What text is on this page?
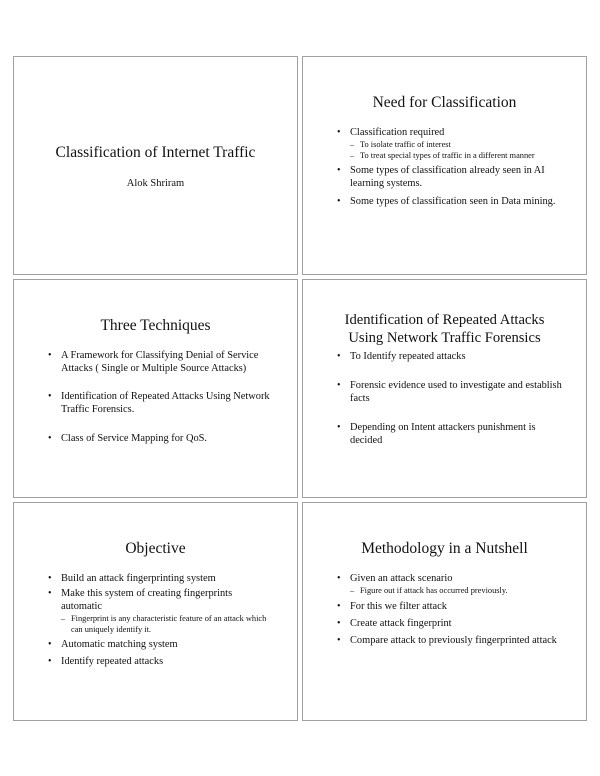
Classification of Internet Traffic
Alok Shriram
Need for Classification
• Classification required
– To isolate traffic of interest
– To treat special types of traffic in a different manner
• Some types of classification already seen in AI learning systems.
• Some types of classification seen in Data mining.
Three Techniques
• A Framework for Classifying Denial of Service Attacks ( Single or Multiple Source Attacks)
• Identification of Repeated Attacks Using Network Traffic Forensics.
• Class of Service Mapping for QoS.
Identification of Repeated Attacks
Using Network Traffic Forensics
• To Identify repeated attacks
• Forensic evidence used to investigate and establish facts
• Depending on Intent attackers punishment is decided
Objective
• Build an attack fingerprinting system
• Make this system of creating fingerprints automatic
– Fingerprint is any characteristic feature of an attack which can uniquely identify it.
• Automatic matching system
• Identify repeated attacks
Methodology in a Nutshell
• Given an attack scenario
– Figure out if attack has occurred previously.
• For this we filter attack
• Create attack fingerprint
• Compare attack to previously fingerprinted attack
